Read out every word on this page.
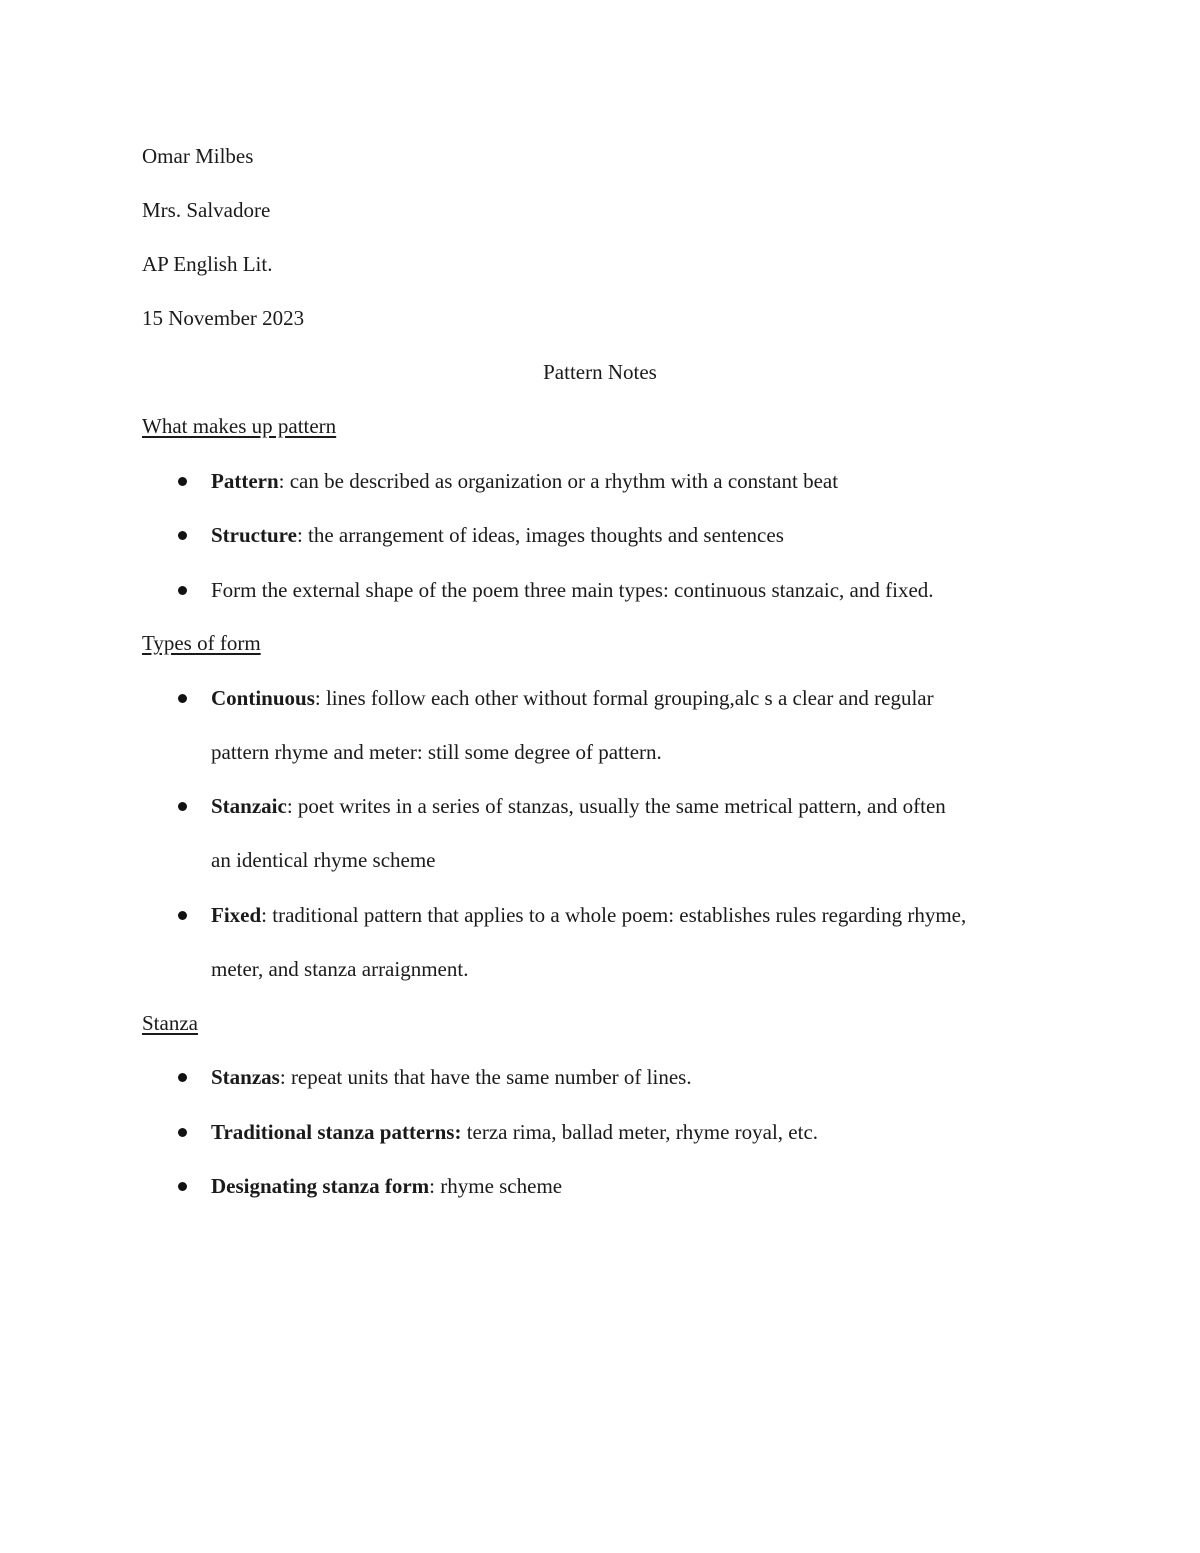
Omar Milbes
Mrs. Salvadore
AP English Lit.
15 November 2023
Pattern Notes
What makes up pattern
Pattern: can be described as organization or a rhythm with a constant beat
Structure: the arrangement of ideas, images thoughts and sentences
Form the external shape of the poem three main types: continuous stanzaic, and fixed.
Types of form
Continuous: lines follow each other without formal grouping,alc s a clear and regular
pattern rhyme and meter: still some degree of pattern.
Stanzaic: poet writes in a series of stanzas, usually the same metrical pattern, and often
an identical rhyme scheme
Fixed: traditional pattern that applies to a whole poem: establishes rules regarding rhyme,
meter, and stanza arraignment.
Stanza
Stanzas: repeat units that have the same number of lines.
Traditional stanza patterns: terza rima, ballad meter, rhyme royal, etc.
Designating stanza form: rhyme scheme
